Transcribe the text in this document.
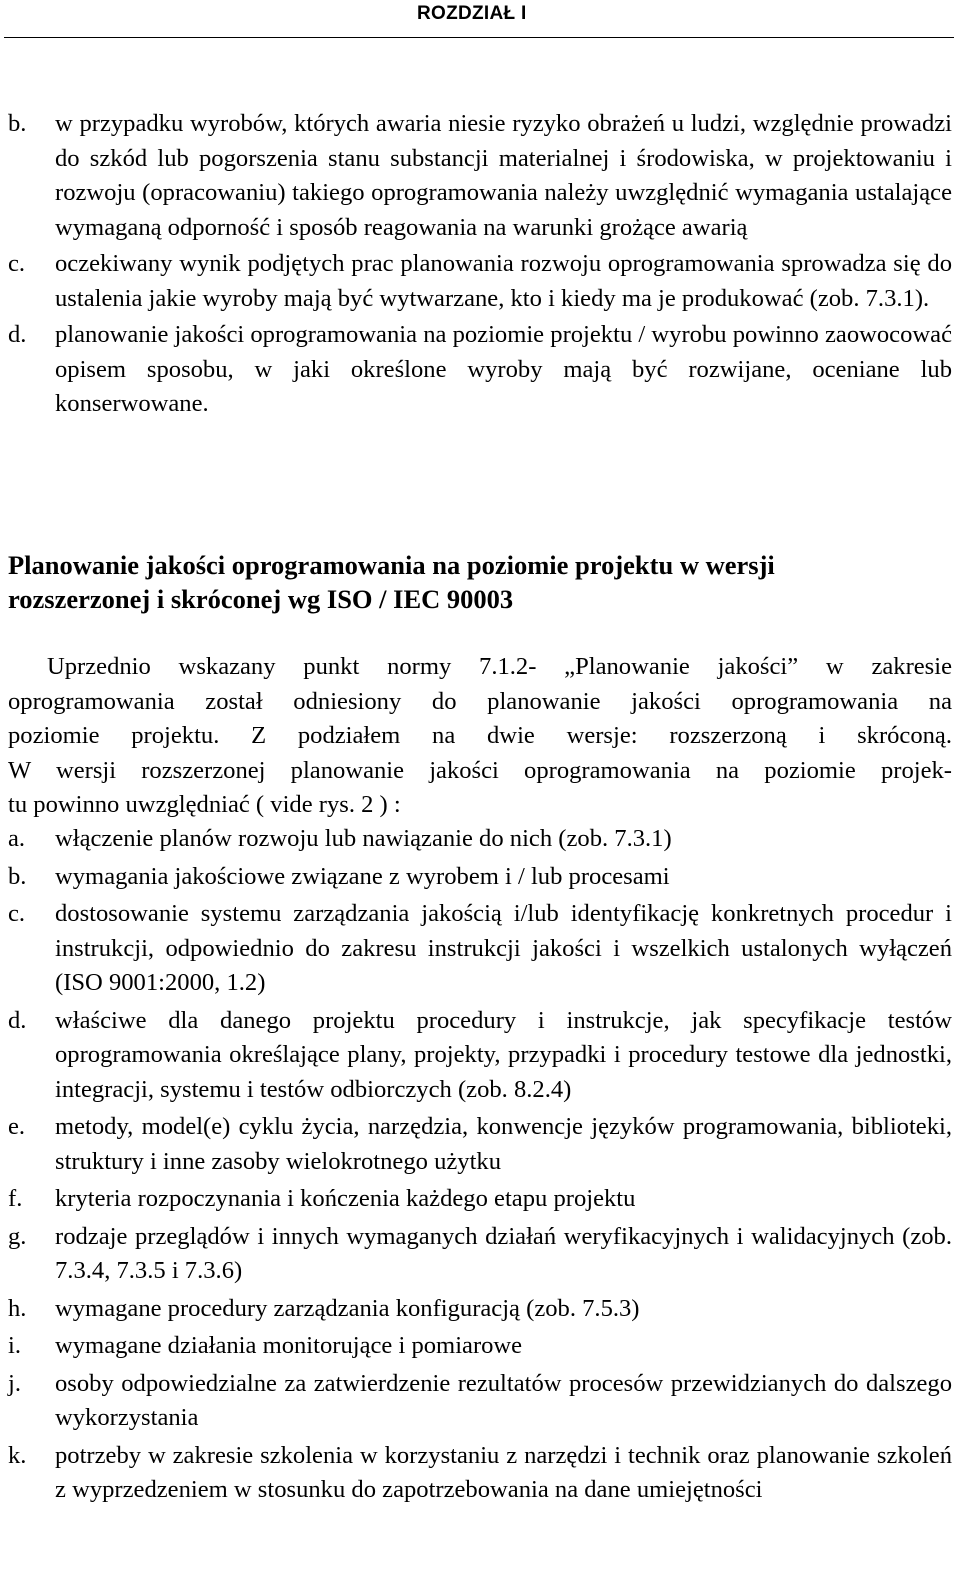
ROZDZIAŁ I
b.	w przypadku wyrobów, których awaria niesie ryzyko obrażeń u ludzi, względnie prowadzi do szkód lub pogorszenia stanu substancji materialnej i środowiska, w projektowaniu i rozwoju (opracowaniu) takiego oprogramowania należy uwzględnić wymagania ustalające wymaganą odporność i sposób reagowania na warunki grożące awarią
c.	oczekiwany wynik podjętych prac planowania rozwoju oprogramowania sprowadza się do ustalenia jakie wyroby mają być wytwarzane, kto i kiedy ma je produkować (zob. 7.3.1).
d.	planowanie jakości oprogramowania na poziomie projektu / wyrobu powinno zaowocować opisem sposobu, w jaki określone wyroby mają być rozwijane, oceniane lub konserwowane.
Planowanie jakości oprogramowania na poziomie projektu w wersji
rozszerzonej i skróconej wg ISO / IEC 90003
Uprzednio wskazany punkt normy 7.1.2- „Planowanie jakości” w zakresie
oprogramowania został odniesiony do planowanie jakości oprogramowania na
poziomie projektu. Z podziałem na dwie wersje: rozszerzoną i skróconą.
W wersji rozszerzonej planowanie jakości oprogramowania na poziomie projek-
tu powinno uwzględniać ( vide rys. 2 ) :
a.	włączenie planów rozwoju lub nawiązanie do nich (zob. 7.3.1)
b.	wymagania jakościowe związane z wyrobem i / lub procesami
c.	dostosowanie systemu zarządzania jakością i/lub identyfikację konkretnych procedur i instrukcji, odpowiednio do zakresu instrukcji jakości i wszelkich ustalonych wyłączeń (ISO 9001:2000, 1.2)
d.	właściwe dla danego projektu procedury i instrukcje, jak specyfikacje testów oprogramowania określające plany, projekty, przypadki i procedury testowe dla jednostki, integracji, systemu i testów odbiorczych (zob. 8.2.4)
e.	metody, model(e) cyklu życia, narzędzia, konwencje języków programowania, biblioteki, struktury i inne zasoby wielokrotnego użytku
f.	kryteria rozpoczynania i kończenia każdego etapu projektu
g.	rodzaje przeglądów i innych wymaganych działań weryfikacyjnych i walidacyjnych (zob. 7.3.4, 7.3.5 i 7.3.6)
h.	wymagane procedury zarządzania konfiguracją (zob. 7.5.3)
i.	wymagane działania monitorujące i pomiarowe
j.	osoby odpowiedzialne za zatwierdzenie rezultatów procesów przewidzianych do dalszego wykorzystania
k.	potrzeby w zakresie szkolenia w korzystaniu z narzędzi i technik oraz planowanie szkoleń z wyprzedzeniem w stosunku do zapotrzebowania na dane umiejętności
